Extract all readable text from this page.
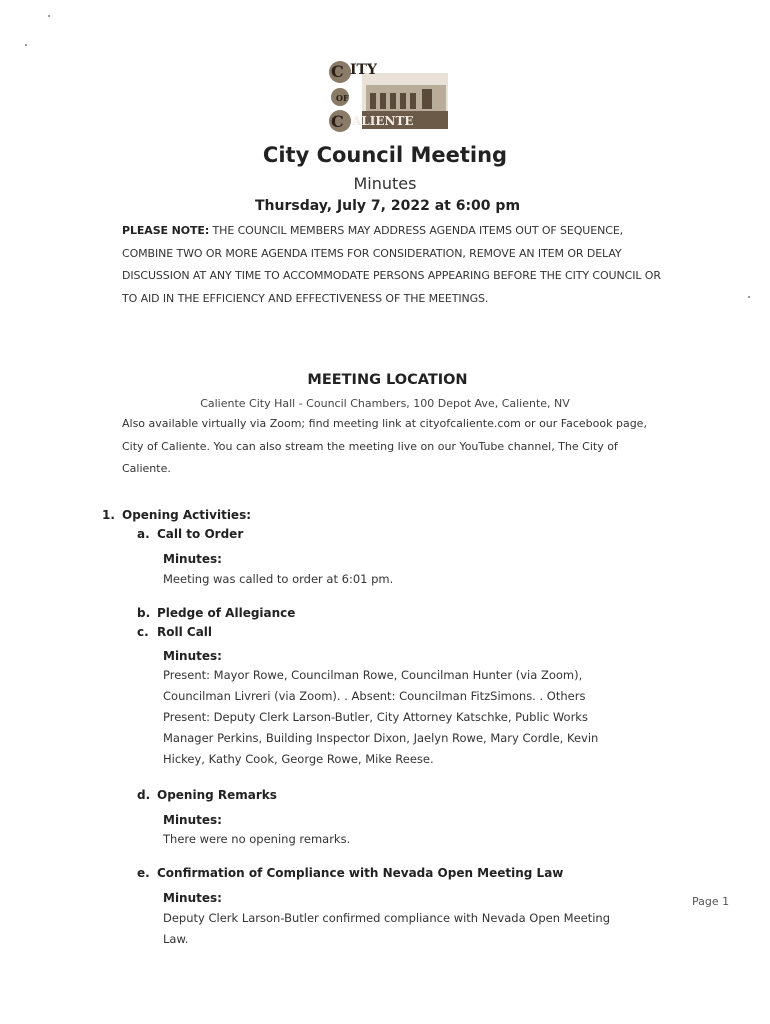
C
C
ITY
OF
ALIENTE
City Council Meeting
Minutes
Thursday, July 7, 2022 at 6:00 pm
PLEASE NOTE: THE COUNCIL MEMBERS MAY ADDRESS AGENDA ITEMS OUT OF SEQUENCE, COMBINE TWO OR MORE AGENDA ITEMS FOR CONSIDERATION, REMOVE AN ITEM OR DELAY DISCUSSION AT ANY TIME TO ACCOMMODATE PERSONS APPEARING BEFORE THE CITY COUNCIL OR TO AID IN THE EFFICIENCY AND EFFECTIVENESS OF THE MEETINGS.
MEETING LOCATION
Caliente City Hall - Council Chambers, 100 Depot Ave, Caliente, NV
Also available virtually via Zoom; find meeting link at cityofcaliente.com or our Facebook page, City of Caliente. You can also stream the meeting live on our YouTube channel, The City of Caliente.
1. Opening Activities:
a. Call to Order
Minutes:
Meeting was called to order at 6:01 pm.
b. Pledge of Allegiance
c. Roll Call
Minutes:
Present: Mayor Rowe, Councilman Rowe, Councilman Hunter (via Zoom), Councilman Livreri (via Zoom). . Absent: Councilman FitzSimons. . Others Present: Deputy Clerk Larson-Butler, City Attorney Katschke, Public Works Manager Perkins, Building Inspector Dixon, Jaelyn Rowe, Mary Cordle, Kevin Hickey, Kathy Cook, George Rowe, Mike Reese.
d. Opening Remarks
Minutes:
There were no opening remarks.
e. Confirmation of Compliance with Nevada Open Meeting Law
Minutes:
Deputy Clerk Larson-Butler confirmed compliance with Nevada Open Meeting Law.
Page 1
